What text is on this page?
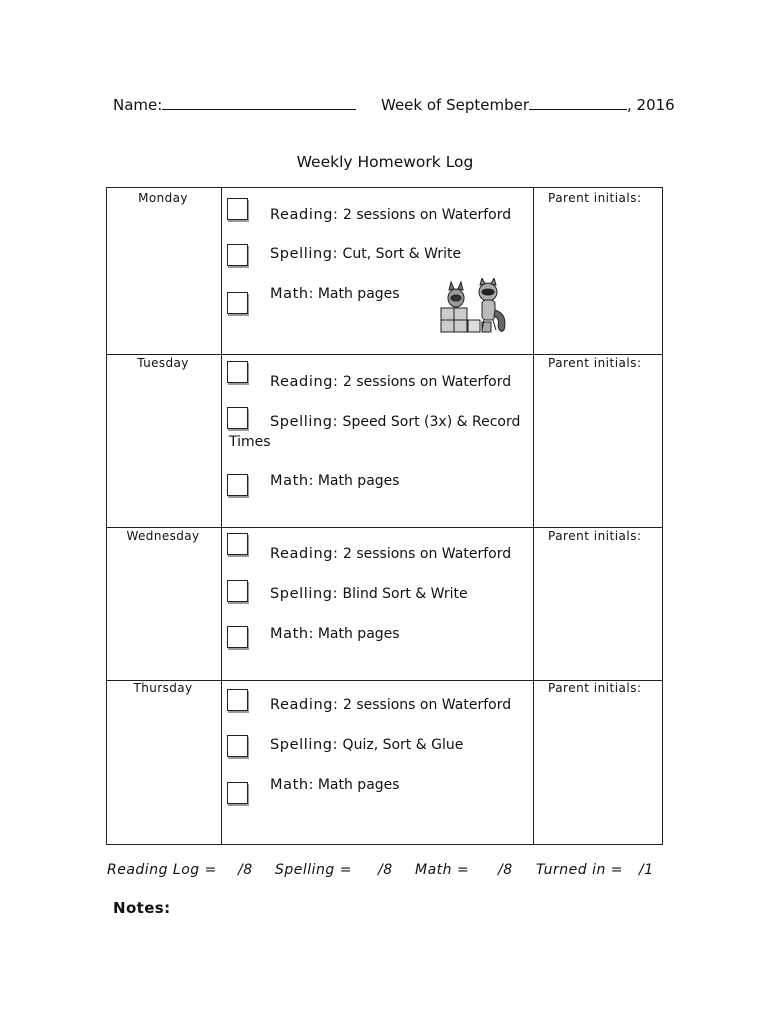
Name:	Week of September	, 2016
Weekly Homework Log
Monday
Tuesday
Wednesday
Thursday
Parent initials:
Parent initials:
Parent initials:
Parent initials:
Reading: 2 sessions on Waterford
Spelling: Cut, Sort & Write
Math: Math pages
Reading: 2 sessions on Waterford
Spelling: Speed Sort (3x) & Record
Times
Math: Math pages
Reading: 2 sessions on Waterford
Spelling: Blind Sort & Write
Math: Math pages
Reading: 2 sessions on Waterford
Spelling: Quiz, Sort & Glue
Math: Math pages
Reading Log = /8 Spelling = /8 Math = /8 Turned in = /1
Notes:
